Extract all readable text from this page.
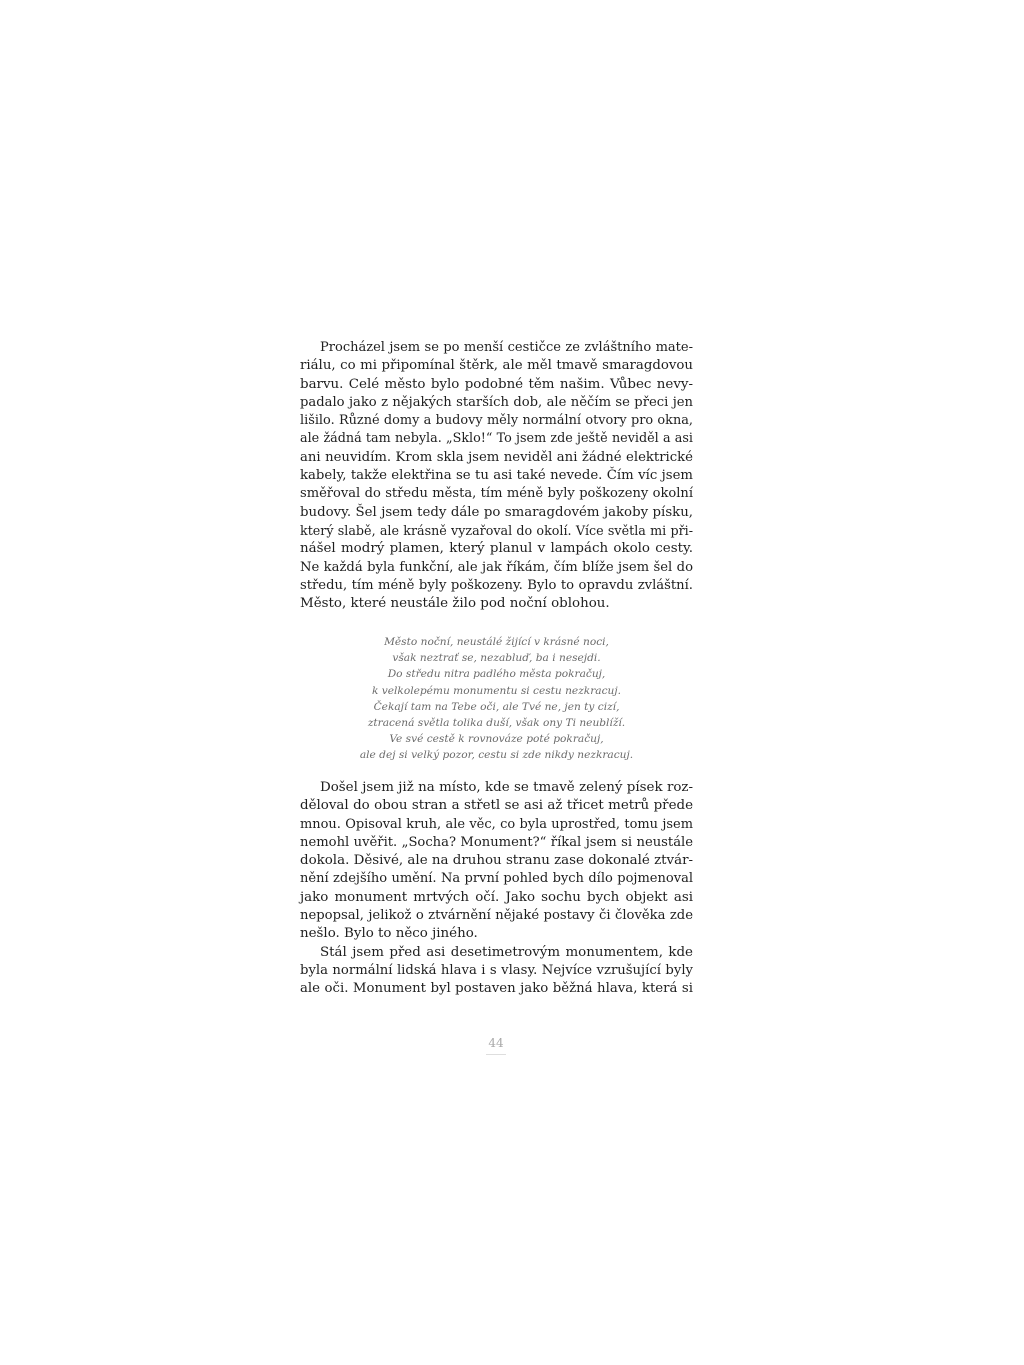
Procházel jsem se po menší cestičce ze zvláštního mate-
riálu, co mi připomínal štěrk, ale měl tmavě smaragdovou
barvu. Celé město bylo podobné těm našim. Vůbec nevy-
padalo jako z nějakých starších dob, ale něčím se přeci jen
lišilo. Různé domy a budovy měly normální otvory pro okna,
ale žádná tam nebyla. „Sklo!“ To jsem zde ještě neviděl a asi
ani neuvidím. Krom skla jsem neviděl ani žádné elektrické
kabely, takže elektřina se tu asi také nevede. Čím víc jsem
směřoval do středu města, tím méně byly poškozeny okolní
budovy. Šel jsem tedy dále po smaragdovém jakoby písku,
který slabě, ale krásně vyzařoval do okolí. Více světla mi při-
nášel modrý plamen, který planul v lampách okolo cesty.
Ne každá byla funkční, ale jak říkám, čím blíže jsem šel do
středu, tím méně byly poškozeny. Bylo to opravdu zvláštní.
Město, které neustále žilo pod noční oblohou.
Město noční, neustálé žijící v krásné noci,
však neztrať se, nezabluď, ba i nesejdi.
Do středu nitra padlého města pokračuj,
k velkolepému monumentu si cestu nezkracuj.
Čekají tam na Tebe oči, ale Tvé ne, jen ty cizí,
ztracená světla tolika duší, však ony Ti neublíží.
Ve své cestě k rovnováze poté pokračuj,
ale dej si velký pozor, cestu si zde nikdy nezkracuj.
Došel jsem již na místo, kde se tmavě zelený písek roz-
děloval do obou stran a střetl se asi až třicet metrů přede
mnou. Opisoval kruh, ale věc, co byla uprostřed, tomu jsem
nemohl uvěřit. „Socha? Monument?“ říkal jsem si neustále
dokola. Děsivé, ale na druhou stranu zase dokonalé ztvár-
nění zdejšího umění. Na první pohled bych dílo pojmenoval
jako monument mrtvých očí. Jako sochu bych objekt asi
nepopsal, jelikož o ztvárnění nějaké postavy či člověka zde
nešlo. Bylo to něco jiného.
Stál jsem před asi desetimetrovým monumentem, kde
byla normální lidská hlava i s vlasy. Nejvíce vzrušující byly
ale oči. Monument byl postaven jako běžná hlava, která si
44
